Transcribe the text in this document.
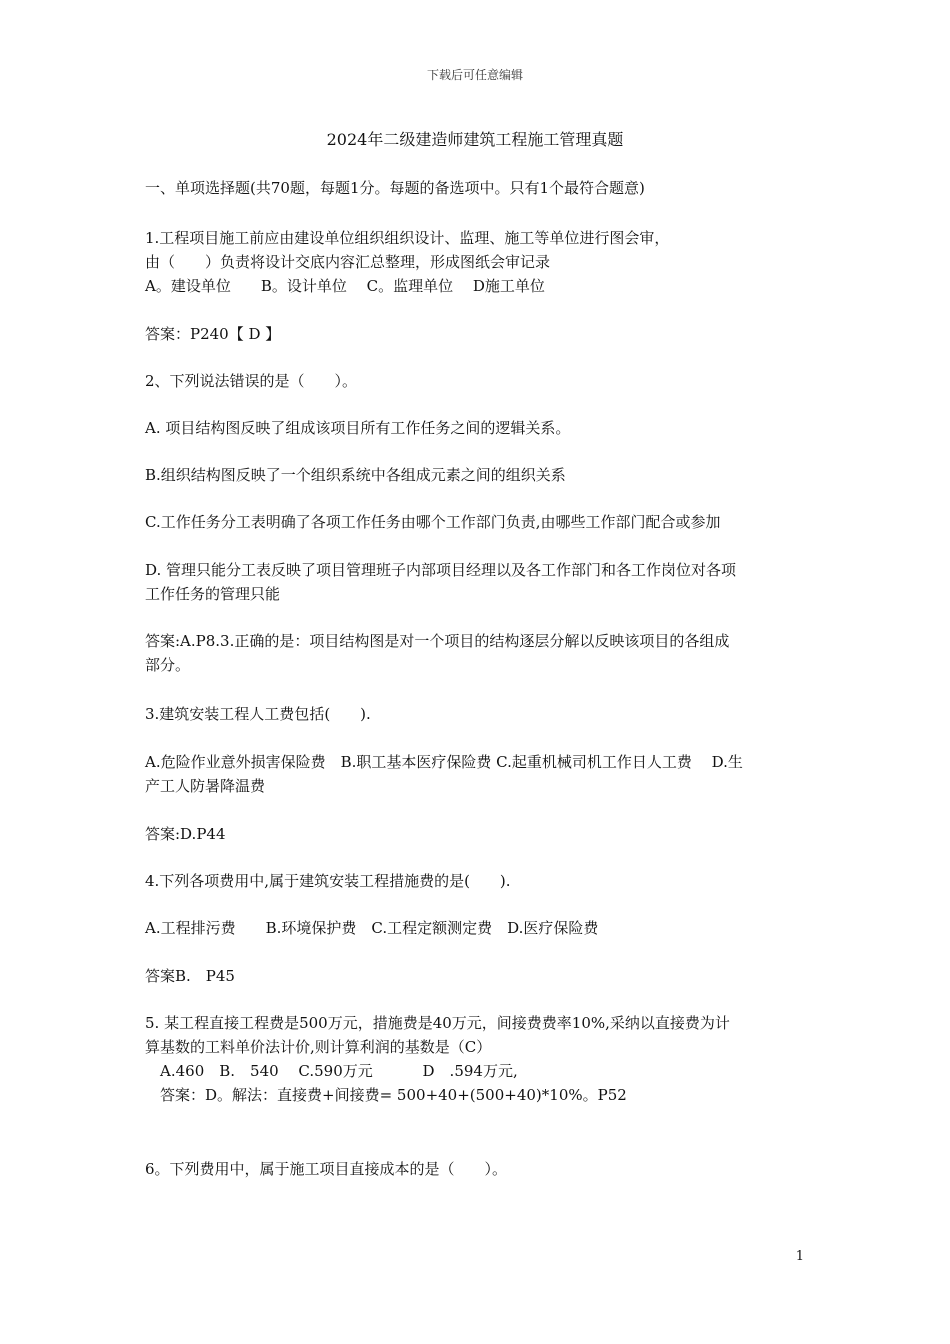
下载后可任意编辑
2024年二级建造师建筑工程施工管理真题
一、单项选择题(共70题，每题1分。每题的备选项中。只有1个最符合题意)
1.工程项目施工前应由建设单位组织组织设计、监理、施工等单位进行图会审，
由（　　）负责将设计交底内容汇总整理，形成图纸会审记录
A。建设单位　　B。设计单位　 C。监理单位　 D施工单位
答案：P240【 D 】
2、下列说法错误的是（　　）。
A. 项目结构图反映了组成该项目所有工作任务之间的逻辑关系。
B.组织结构图反映了一个组织系统中各组成元素之间的组织关系
C.工作任务分工表明确了各项工作任务由哪个工作部门负责,由哪些工作部门配合或参加
D. 管理只能分工表反映了项目管理班子内部项目经理以及各工作部门和各工作岗位对各项
工作任务的管理只能
答案:A.P8.3.正确的是：项目结构图是对一个项目的结构逐层分解以反映该项目的各组成
部分。
3.建筑安装工程人工费包括(　　).
A.危险作业意外损害保险费　B.职工基本医疗保险费 C.起重机械司机工作日人工费　 D.生
产工人防暑降温费
答案:D.P44
4.下列各项费用中,属于建筑安装工程措施费的是(　　).
A.工程排污费　　B.环境保护费　C.工程定额测定费　D.医疗保险费
答案B.　P45
5. 某工程直接工程费是500万元，措施费是40万元，间接费费率10%,采纳以直接费为计
算基数的工料单价法计价,则计算利润的基数是（C）
　A.460　B.　540　 C.590万元　　　 D　.594万元,
　答案：D。解法：直接费+间接费= 500+40+(500+40)*10%。P52
6。下列费用中，属于施工项目直接成本的是（　　）。
1
